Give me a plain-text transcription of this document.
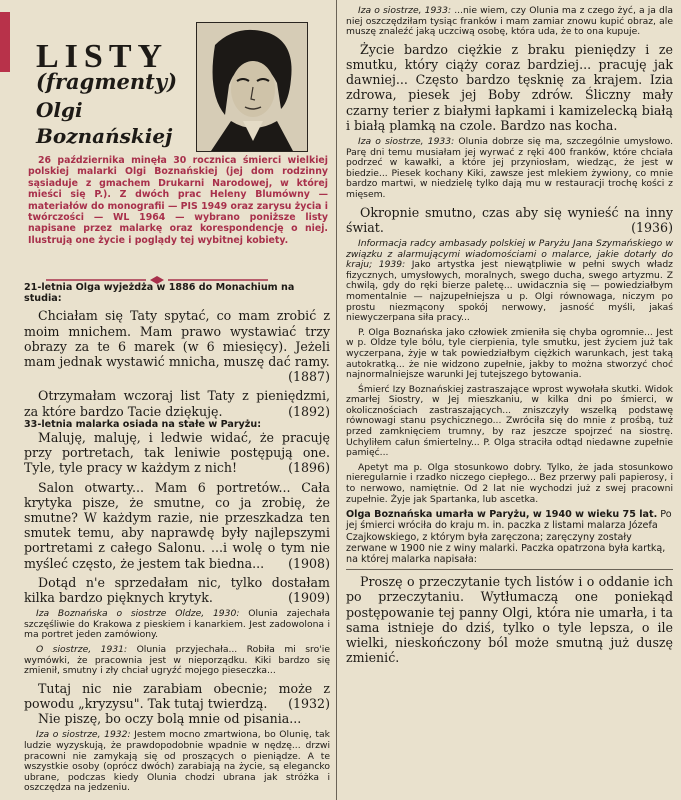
LISTY
(fragmenty)
Olgi
Boznańskiej
26 października minęła 30 rocznica śmierci wielkiej polskiej malarki Olgi Boznańskiej (jej dom rodzinny sąsiaduje z gmachem Drukarni Narodowej, w której mieści się P.). Z dwóch prac Heleny Blumówny — materiałów do monografii — PIS 1949 oraz zarysu życia i twórczości — WL 1964 — wybrano poniższe listy napisane przez malarkę oraz korespondencję o niej. Ilustrują one życie i poglądy tej wybitnej kobiety.

21-letnia Olga wyjeżdża w 1886 do Monachium na studia:

Chciałam się Taty spytać, co mam zrobić z moim mnichem. Mam prawo wystawiać trzy obrazy za te 6 marek (w 6 miesięcy). Jeżeli mam jednak wystawić mnicha, muszę dać ramy.
(1887)

Otrzymałam wczoraj list Taty z pieniędzmi, za które bardzo Tacie dziękuję.	(1892)

33-letnia malarka osiada na stałe w Paryżu:

Maluję, maluję, i ledwie widać, że pracuję przy portretach, tak leniwie postępują one. Tyle, tyle pracy w każdym z nich!	(1896)

Salon otwarty... Mam 6 portretów... Cała krytyka pisze, że smutne, co ja zrobię, że smutne? W każdym razie, nie przeszkadza ten smutek temu, aby naprawdę były najlepszymi portretami z całego Salonu. ...i wolę o tym nie myśleć często, że jestem tak biedna...	(1908)

Dotąd n'e sprzedałam nic, tylko dostałam kilka bardzo pięknych krytyk.	(1909)

Iza Boznańska o siostrze Oldze, 1930: Olunia zajechała szczęśliwie do Krakowa z pieskiem i kanarkiem. Jest zadowolona i ma portret jeden zamówiony.

O siostrze, 1931: Olunia przyjechała... Robiła mi sro'ie wymówki, że pracownia jest w nieporządku. Kiki bardzo się zmienił, smutny i zły chciał ugryźć mojego pieseczka...

Tutaj nic nie zarabiam obecnie; może z powodu „kryzysu". Tak tutaj twierdzą.	(1932)

Nie piszę, bo oczy bolą mnie od pisania...

Iza o siostrze, 1932: Jestem mocno zmartwiona, bo Olunię, tak ludzie wyzyskują, że prawdopodobnie wpadnie w nędzę... drzwi pracowni nie zamykają się od proszących o pieniądze. A te wszystkie osoby (oprócz dwóch) zarabiają na życie, są elegancko ubrane, podczas kiedy Olunia chodzi ubrana jak stróżka i oszczędza na jedzeniu.

Iza o siostrze, 1933: ...nie wiem, czy Olunia ma z czego żyć, a ja dla niej oszczędziłam tysiąc franków i mam zamiar znowu kupić obraz, ale muszę znaleźć jaką uczciwą osobę, która uda, że to ona kupuje.

Życie bardzo ciężkie z braku pieniędzy i ze smutku, który ciąży coraz bardziej... pracuję jak dawniej... Często bardzo tęsknię za krajem. Izia zdrowa, piesek jej Boby zdrów. Śliczny mały czarny terier z białymi łapkami i kamizelecką białą i białą plamką na czole. Bardzo nas kocha.

Iza o siostrze, 1933: Olunia dobrze się ma, szczególnie umysłowo. Parę dni temu musiałam jej wyrwać z ręki 400 franków, które chciała podrzeć w kawałki, a które jej przyniosłam, wiedząc, że jest w biedzie... Piesek kochany Kiki, zawsze jest mlekiem żywiony, co mnie bardzo martwi, w niedzielę tylko dają mu w restauracji trochę kości z mięsem.

Okropnie smutno, czas aby się wynieść na inny świat.	(1936)

Informacja radcy ambasady polskiej w Paryżu Jana Szymańskiego w związku z alarmującymi wiadomościami o malarce, jakie dotarły do kraju; 1939: Jako artystka jest niewątpliwie w pełni swych władz fizycznych, umysłowych, moralnych, swego ducha, swego artyzmu. Z chwilą, gdy do ręki bierze paletę... uwidacznia się — powiedziałbym momentalnie — najzupełniejsza u p. Olgi równowaga, niczym po prostu niezmącony spokój nerwowy, jasność myśli, jakaś niewyczerpana siła pracy...

P. Olga Boznańska jako człowiek zmieniła się chyba ogromnie... Jest w p. Oldze tyle bólu, tyle cierpienia, tyle smutku, jest życiem już tak wyczerpana, żyje w tak powiedziałbym ciężkich warunkach, jest taką autokratką... że nie widzono zupełnie, jakby to można stworzyć choć najnormalniejsze warunki Jej tutejszego bytowania.

Śmierć Izy Boznańskiej zastraszające wprost wywołała skutki. Widok zmarłej Siostry, w Jej mieszkaniu, w kilka dni po śmierci, w okolicznościach zastraszających... zniszczyły wszelką podstawę równowagi stanu psychicznego... Zwróciła się do mnie z prośbą, tuż przed zamknięciem trumny, by raz jeszcze spojrzeć na siostrę. Uchyliłem całun śmiertelny... P. Olga straciła odtąd niedawne zupełnie pamięć...

Apetyt ma p. Olga stosunkowo dobry. Tylko, że jada stosunkowo nieregularnie i rzadko niczego ciepłego... Bez przerwy pali papierosy, i to nerwowo, namiętnie. Od 2 lat nie wychodzi już z swej pracowni zupełnie. Żyje jak Spartanka, lub ascetka.

Olga Boznańska umarła w Paryżu, w 1940 w wieku 75 lat. Po jej śmierci wróciła do kraju m. in. paczka z listami malarza Józefa Czajkowskiego, z którym była zaręczona; zaręczyny zostały zerwane w 1900 nie z winy malarki. Paczka opatrzona była kartką, na której malarka napisała:

Proszę o przeczytanie tych listów i o oddanie ich po przeczytaniu. Wytłumaczą one poniekąd postępowanie tej panny Olgi, która nie umarła, i ta sama istnieje do dziś, tylko o tyle lepsza, o ile wielki, nieskończony ból może smutną już duszę zmienić.
